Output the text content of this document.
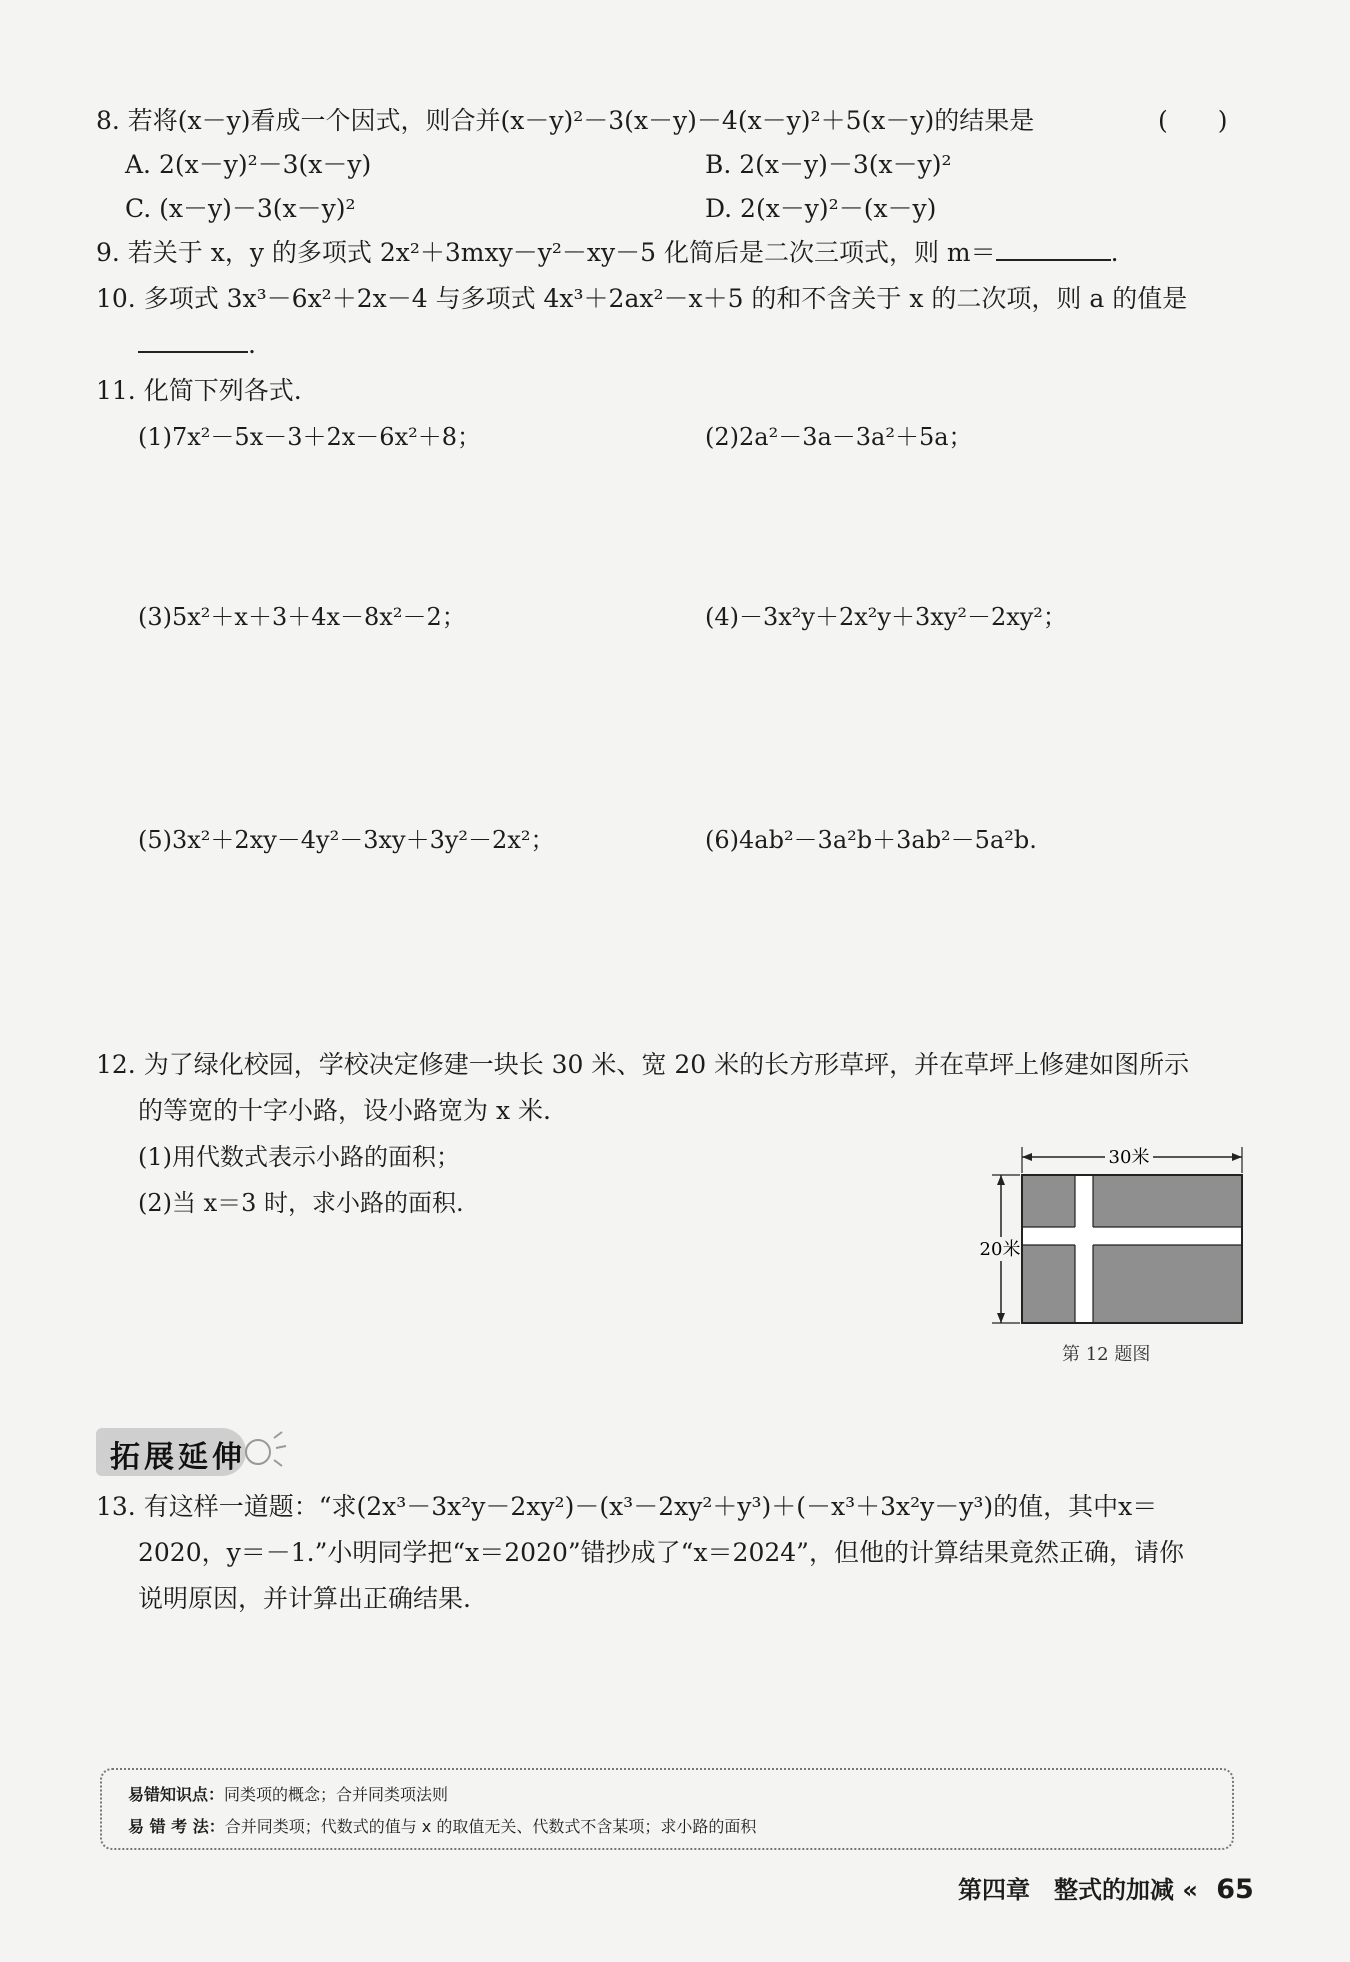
8. 若将(x－y)看成一个因式，则合并(x－y)²－3(x－y)－4(x－y)²＋5(x－y)的结果是	(　　)
A. 2(x－y)²－3(x－y)	B. 2(x－y)－3(x－y)²
C. (x－y)－3(x－y)²	D. 2(x－y)²－(x－y)
9. 若关于 x，y 的多项式 2x²＋3mxy－y²－xy－5 化简后是二次三项式，则 m＝	.
10. 多项式 3x³－6x²＋2x－4 与多项式 4x³＋2ax²－x＋5 的和不含关于 x 的二次项，则 a 的值是
.
11. 化简下列各式.
(1)7x²－5x－3＋2x－6x²＋8；	(2)2a²－3a－3a²＋5a；
(3)5x²＋x＋3＋4x－8x²－2；	(4)－3x²y＋2x²y＋3xy²－2xy²；
(5)3x²＋2xy－4y²－3xy＋3y²－2x²；	(6)4ab²－3a²b＋3ab²－5a²b.
12. 为了绿化校园，学校决定修建一块长 30 米、宽 20 米的长方形草坪，并在草坪上修建如图所示
的等宽的十字小路，设小路宽为 x 米.
(1)用代数式表示小路的面积；
(2)当 x＝3 时，求小路的面积.
30米
20米
第 12 题图
拓展延伸
13. 有这样一道题：“求(2x³－3x²y－2xy²)－(x³－2xy²＋y³)＋(－x³＋3x²y－y³)的值，其中x＝
2020，y＝－1.”小明同学把“x＝2020”错抄成了“x＝2024”，但他的计算结果竟然正确，请你
说明原因，并计算出正确结果.
易错知识点：同类项的概念；合并同类项法则
易 错 考 法：合并同类项；代数式的值与 x 的取值无关、代数式不含某项；求小路的面积
第四章　整式的加减 « 65
